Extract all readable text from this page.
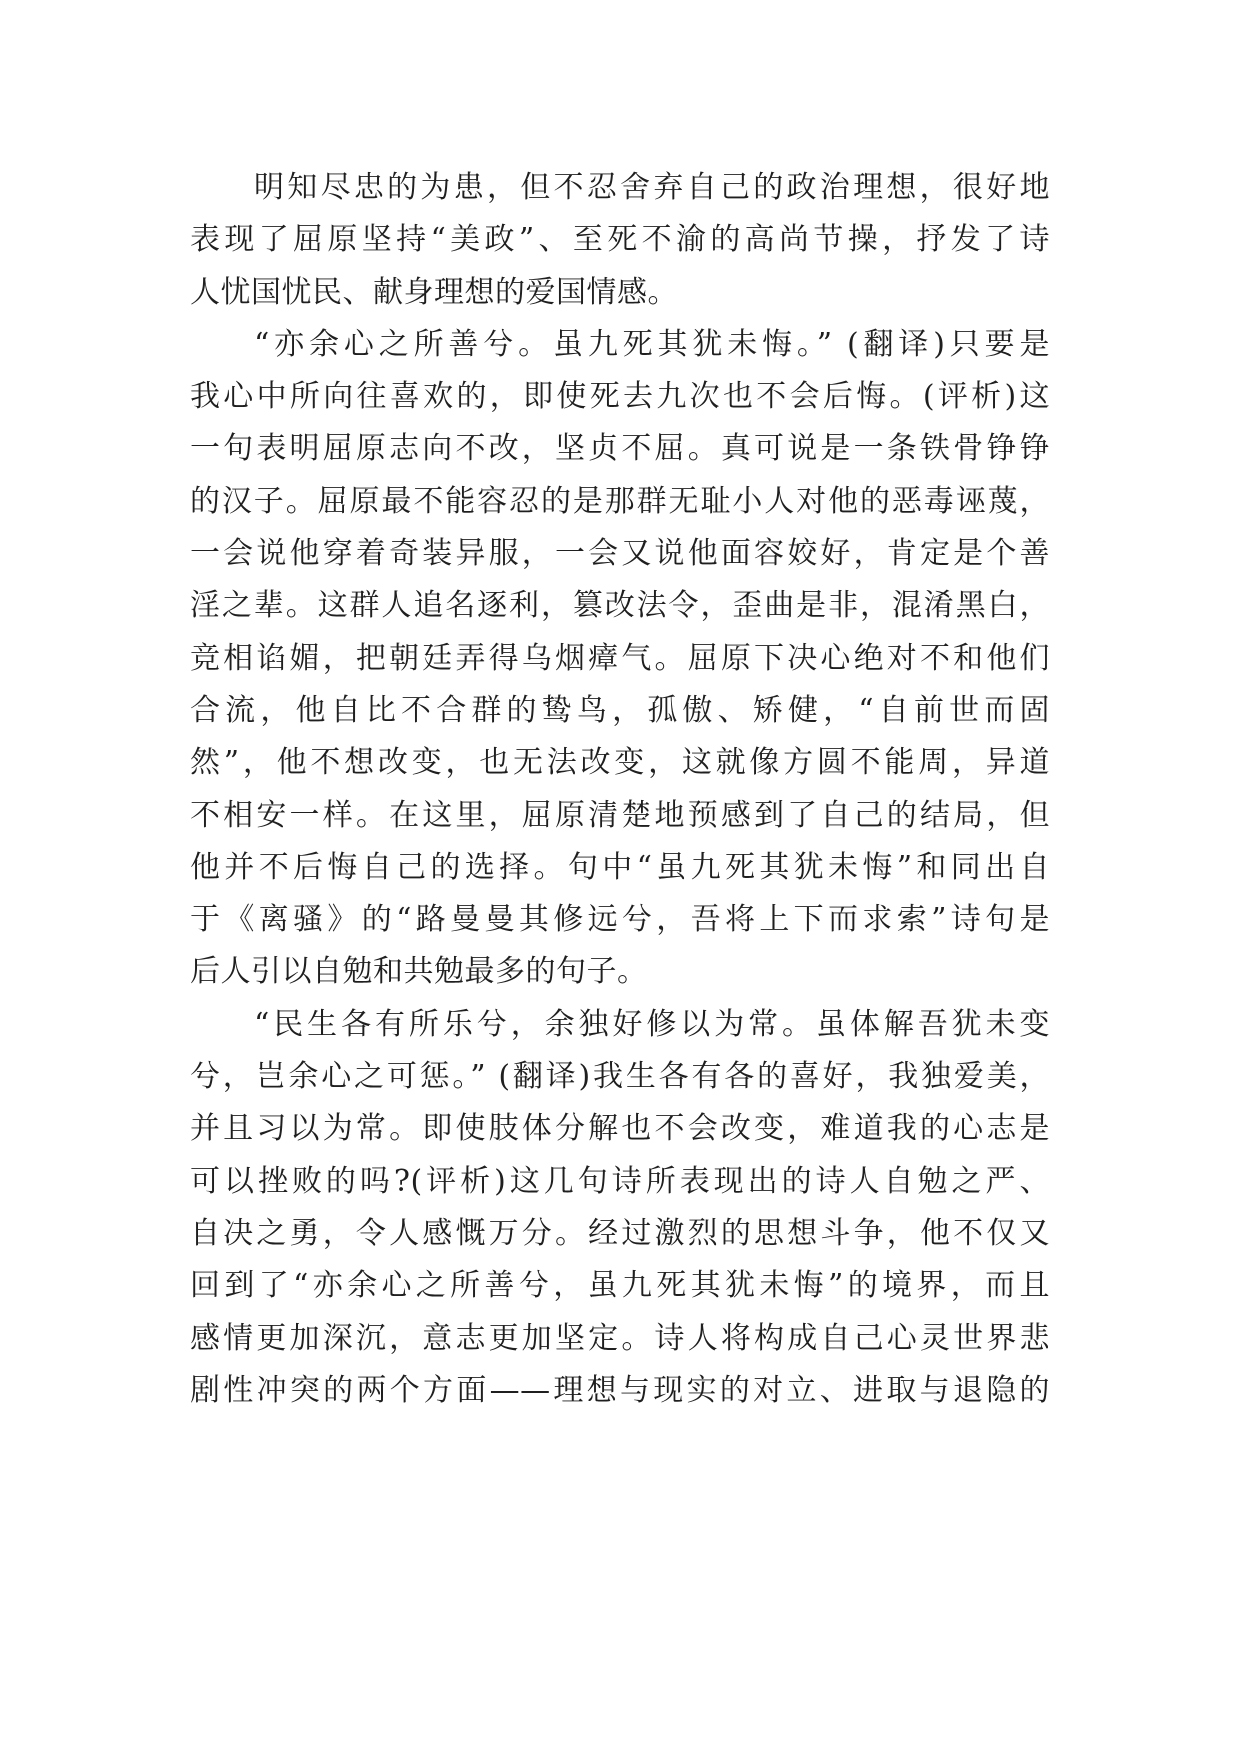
明知尽忠的为患，但不忍舍弃自己的政治理想，很好地
表现了屈原坚持“美政”、至死不渝的高尚节操，抒发了诗
人忧国忧民、献身理想的爱国情感。
“亦余心之所善兮。虽九死其犹未悔。” (翻译)只要是
我心中所向往喜欢的，即使死去九次也不会后悔。(评析)这
一句表明屈原志向不改，坚贞不屈。真可说是一条铁骨铮铮
的汉子。屈原最不能容忍的是那群无耻小人对他的恶毒诬蔑，
一会说他穿着奇装异服，一会又说他面容姣好，肯定是个善
淫之辈。这群人追名逐利，篡改法令，歪曲是非，混淆黑白，
竞相谄媚，把朝廷弄得乌烟瘴气。屈原下决心绝对不和他们
合流，他自比不合群的鸷鸟，孤傲、矫健，“自前世而固
然”，他不想改变，也无法改变，这就像方圆不能周，异道
不相安一样。在这里，屈原清楚地预感到了自己的结局，但
他并不后悔自己的选择。句中“虽九死其犹未悔”和同出自
于《离骚》的“路曼曼其修远兮，吾将上下而求索”诗句是
后人引以自勉和共勉最多的句子。
“民生各有所乐兮，余独好修以为常。虽体解吾犹未变
兮，岂余心之可惩。” (翻译)我生各有各的喜好，我独爱美，
并且习以为常。即使肢体分解也不会改变，难道我的心志是
可以挫败的吗?(评析)这几句诗所表现出的诗人自勉之严、
自决之勇，令人感慨万分。经过激烈的思想斗争，他不仅又
回到了“亦余心之所善兮，虽九死其犹未悔”的境界，而且
感情更加深沉，意志更加坚定。诗人将构成自己心灵世界悲
剧性冲突的两个方面——理想与现实的对立、进取与退隐的
